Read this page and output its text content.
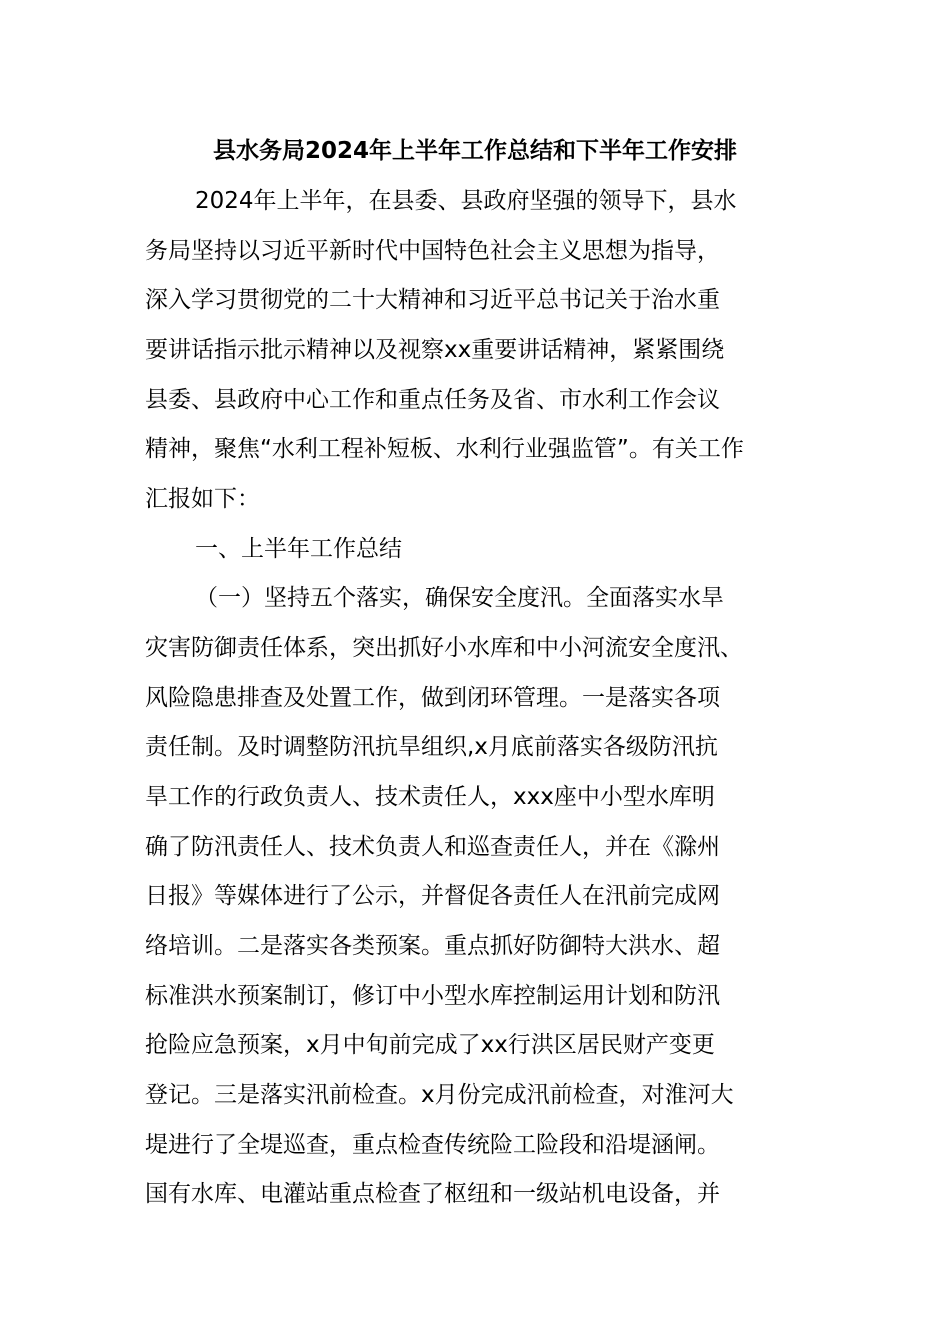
县水务局2024年上半年工作总结和下半年工作安排

2024年上半年，在县委、县政府坚强的领导下，县水

务局坚持以习近平新时代中国特色社会主义思想为指导，

深入学习贯彻党的二十大精神和习近平总书记关于治水重

要讲话指示批示精神以及视察xx重要讲话精神，紧紧围绕

县委、县政府中心工作和重点任务及省、市水利工作会议

精神，聚焦“水利工程补短板、水利行业强监管”。有关工作

汇报如下：

一、上半年工作总结

（一）坚持五个落实，确保安全度汛。全面落实水旱

灾害防御责任体系，突出抓好小水库和中小河流安全度汛、

风险隐患排查及处置工作，做到闭环管理。一是落实各项

责任制。及时调整防汛抗旱组织,x月底前落实各级防汛抗

旱工作的行政负责人、技术责任人，xxx座中小型水库明

确了防汛责任人、技术负责人和巡查责任人，并在《滁州

日报》等媒体进行了公示，并督促各责任人在汛前完成网

络培训。二是落实各类预案。重点抓好防御特大洪水、超

标准洪水预案制订，修订中小型水库控制运用计划和防汛

抢险应急预案，x月中旬前完成了xx行洪区居民财产变更

登记。三是落实汛前检查。x月份完成汛前检查，对淮河大

堤进行了全堤巡查，重点检查传统险工险段和沿堤涵闸。

国有水库、电灌站重点检查了枢纽和一级站机电设备，并
